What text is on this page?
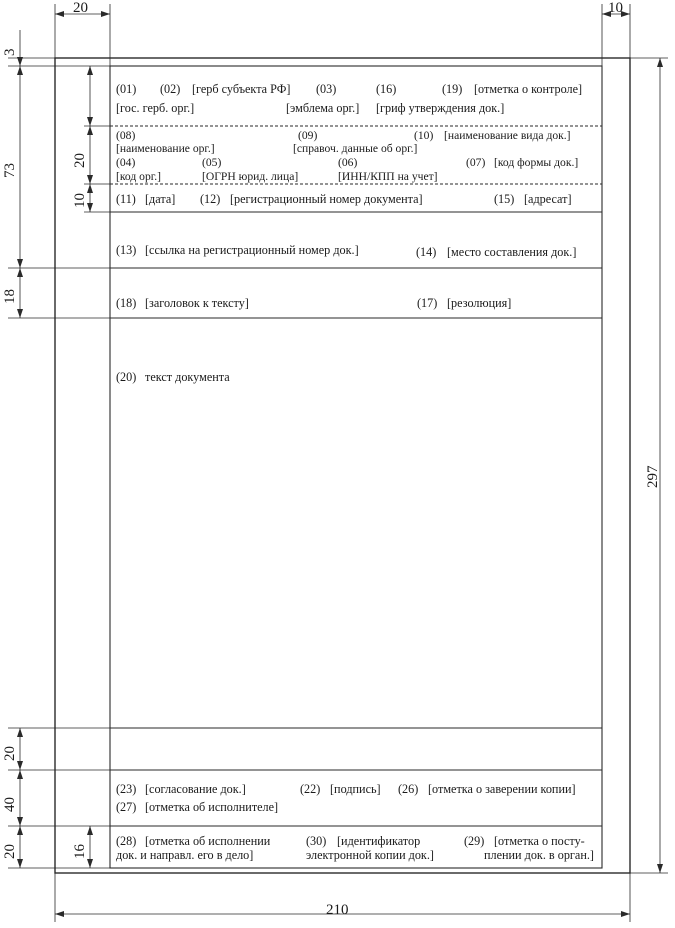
20	10
3
73
18
20
40
20
20
10
16
297
210
(01) (02) [герб субъекта РФ] (03)	(16)	(19) [отметка о контроле]
[гос. герб. орг.]	[эмблема орг.] [гриф утверждения док.]
(08)	(09)	(10) [наименование вида док.]
[наименование орг.]	[справоч. данные об орг.]
(04)	(05)	(06)	(07) [код формы док.]
[код орг.]	[ОГРН юрид. лица]	[ИНН/КПП на учет]
(11) [дата] (12) [регистрационный номер документа]	(15) [адресат]
(13) [ссылка на регистрационный номер док.]	(14) [место составления док.]
(18) [заголовок к тексту]	(17) [резолюция]
(20) текст документа
(23) [согласование док.]	(22) [подпись] (26) [отметка о заверении копии]
(27) [отметка об исполнителе]
(28) [отметка об исполнении
док. и направл. его в дело]
(30) [идентификатор
электронной копии док.]
(29) [отметка о посту-
плении док. в орган.]
